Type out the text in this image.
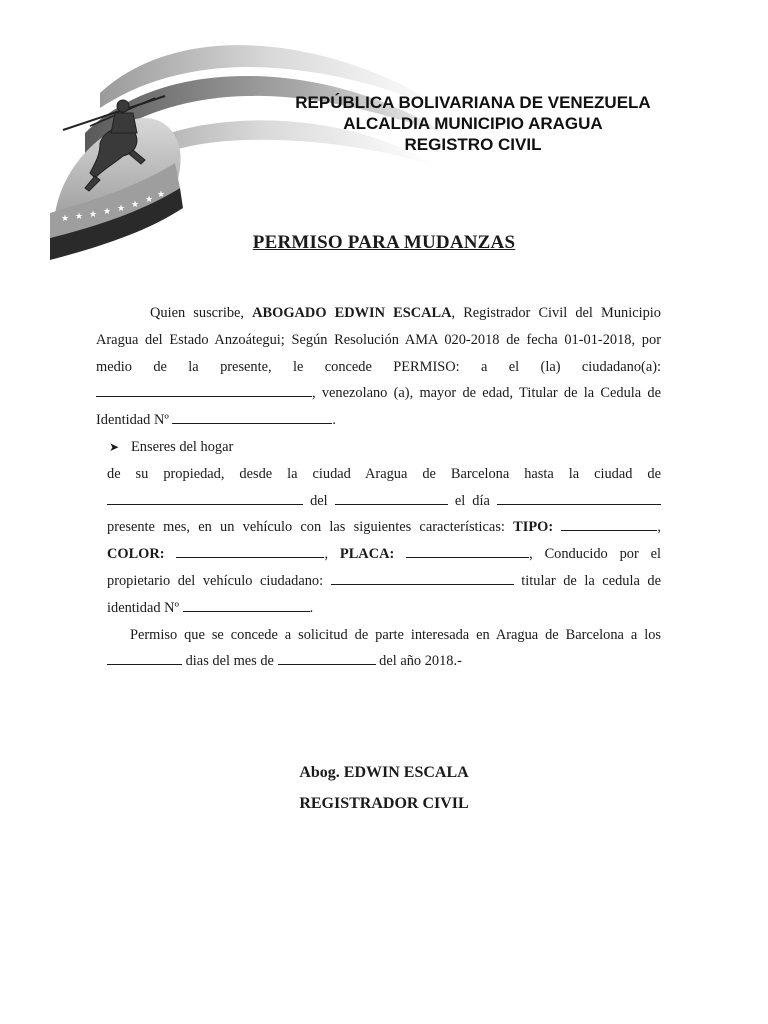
★ ★ ★ ★ ★ ★ ★ ★
REPÚBLICA BOLIVARIANA DE VENEZUELA
ALCALDIA MUNICIPIO ARAGUA
REGISTRO CIVIL
PERMISO PARA MUDANZAS
Quien suscribe, ABOGADO EDWIN ESCALA, Registrador Civil del Municipio
Aragua del Estado Anzoátegui; Según Resolución AMA 020-2018 de fecha 01-01-2018, por
medio de la presente, le concede PERMISO: a el (la) ciudadano(a):
, venezolano (a), mayor de edad, Titular de la Cedula de
Identidad Nº	.
➤ Enseres del hogar
de su propiedad, desde la ciudad Aragua de Barcelona hasta la ciudad de
del	el día
presente mes, en un vehículo con las siguientes características: TIPO:	,
COLOR:	, PLACA:	, Conducido por el
propietario del vehículo ciudadano:	titular de la cedula de
identidad Nº	.
Permiso que se concede a solicitud de parte interesada en Aragua de Barcelona a los
dias del mes de	del año 2018.-
Abog. EDWIN ESCALA
REGISTRADOR CIVIL
